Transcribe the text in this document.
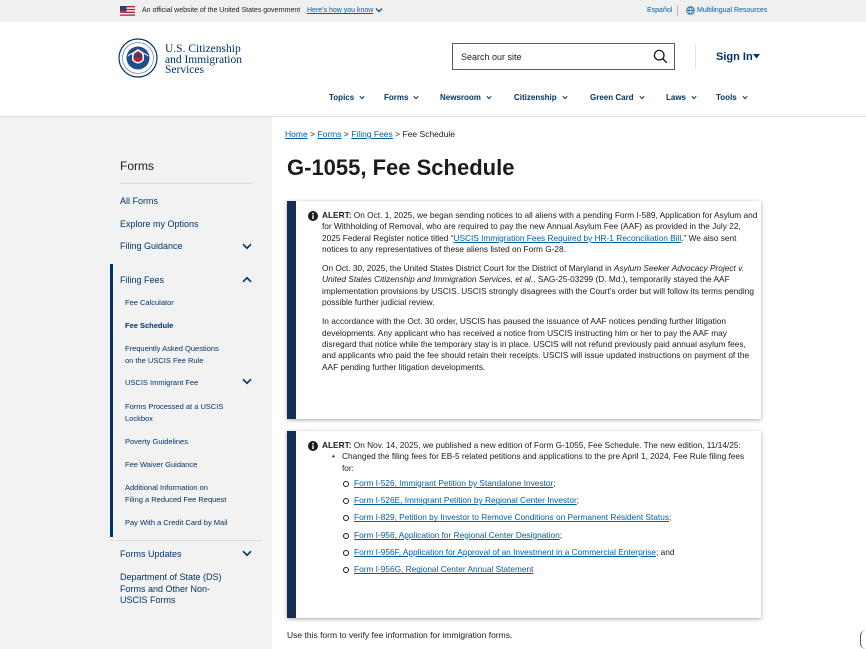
An official website of the United States government Here's how you know	Español	Multilingual Resources
U.S. Citizenship
and Immigration
Services
Search our site
Sign In
Topics	Forms	Newsroom	Citizenship	Green Card	Laws	Tools
Forms
All Forms
Explore my Options
Filing Guidance
Filing Fees
Fee Calculator
Fee Schedule
Frequently Asked Questions
on the USCIS Fee Rule
USCIS Immigrant Fee
Forms Processed at a USCIS
Lockbox
Poverty Guidelines
Fee Waiver Guidance
Additional Information on
Filing a Reduced Fee Request
Pay With a Credit Card by Mail
Forms Updates
Department of State (DS)
Forms and Other Non-
USCIS Forms
Home > Forms > Filing Fees > Fee Schedule
G-1055, Fee Schedule

ALERT: On Oct. 1, 2025, we began sending notices to all aliens with a pending Form I-589, Application for Asylum and for Withholding of Removal, who are required to pay the new Annual Asylum Fee (AAF) as provided in the July 22, 2025 Federal Register notice titled “USCIS Immigration Fees Required by HR-1 Reconciliation Bill.” We also sent notices to any representatives of these aliens listed on Form G-28.

On Oct. 30, 2025, the United States District Court for the District of Maryland in Asylum Seeker Advocacy Project v. United States Citizenship and Immigration Services, et al., SAG-25-03299 (D. Md.), temporarily stayed the AAF implementation provisions by USCIS. USCIS strongly disagrees with the Court’s order but will follow its terms pending possible further judicial review.

In accordance with the Oct. 30 order, USCIS has paused the issuance of AAF notices pending further litigation developments. Any applicant who has received a notice from USCIS instructing him or her to pay the AAF may disregard that notice while the temporary stay is in place. USCIS will not refund previously paid annual asylum fees, and applicants who paid the fee should retain their receipts. USCIS will issue updated instructions on payment of the AAF pending further litigation developments.

ALERT: On Nov. 14, 2025, we published a new edition of Form G-1055, Fee Schedule. The new edition, 11/14/25:
• Changed the filing fees for EB-5 related petitions and applications to the pre April 1, 2024, Fee Rule filing fees for:
Form I-526, Immigrant Petition by Standalone Investor;
Form I-526E, Immigrant Petition by Regional Center Investor;
Form I-829, Petition by Investor to Remove Conditions on Permanent Resident Status;
Form I-956, Application for Regional Center Designation;
Form I-956F, Application for Approval of an Investment in a Commercial Enterprise; and
Form I-956G, Regional Center Annual Statement
Use this form to verify fee information for immigration forms.
